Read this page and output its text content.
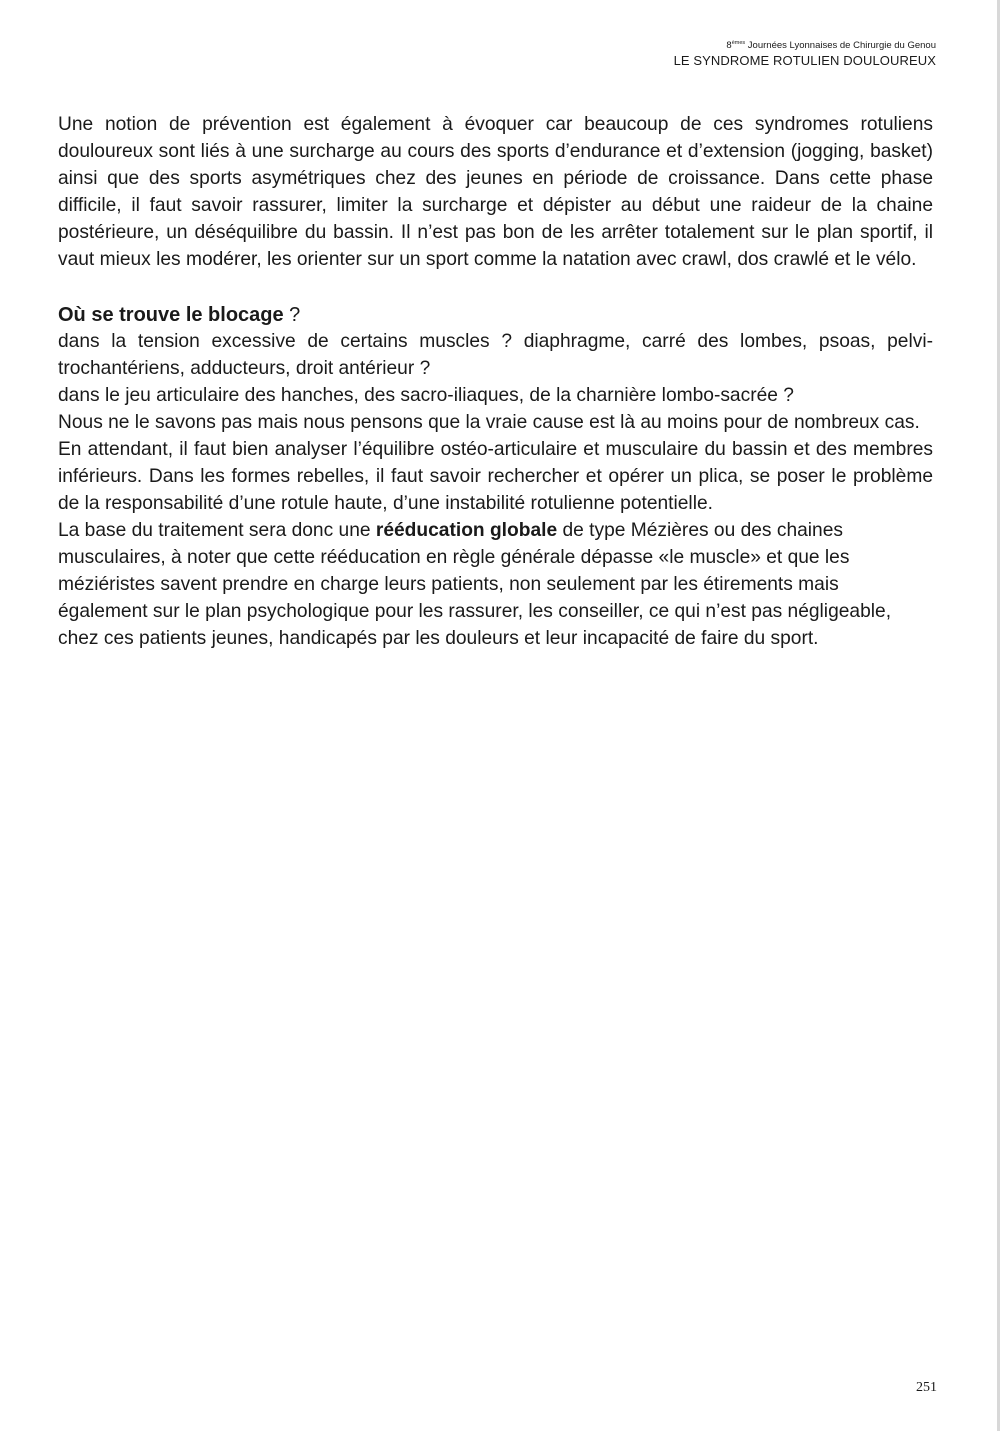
8èmes Journées Lyonnaises de Chirurgie du Genou
LE SYNDROME ROTULIEN DOULOUREUX

Une notion de prévention est également à évoquer car beaucoup de ces syndromes rotuliens douloureux sont liés à une surcharge au cours des sports d’endurance et d’extension (jogging, basket) ainsi que des sports asymétriques chez des jeunes en période de croissance. Dans cette phase difficile, il faut savoir rassurer, limiter la surcharge et dépister au début une raideur de la chaine postérieure, un déséquilibre du bassin. Il n’est pas bon de les arrêter totalement sur le plan sportif, il vaut mieux les modérer, les orienter sur un sport comme la natation avec crawl, dos crawlé et le vélo.

Où se trouve le blocage ?

dans la tension excessive de certains muscles ? diaphragme, carré des lombes, psoas, pelvi-trochantériens, adducteurs, droit antérieur ?

dans le jeu articulaire des hanches, des sacro-iliaques, de la charnière lombo-sacrée ?

Nous ne le savons pas mais nous pensons que la vraie cause est là au moins pour de nombreux cas.

En attendant, il faut bien analyser l’équilibre ostéo-articulaire et musculaire du bassin et des membres inférieurs. Dans les formes rebelles, il faut savoir rechercher et opérer un plica, se poser le problème de la responsabilité d’une rotule haute, d’une instabilité rotulienne potentielle.

La base du traitement sera donc une rééducation globale de type Mézières ou des chaines musculaires, à noter que cette rééducation en règle générale dépasse «le muscle» et que les méziéristes savent prendre en charge leurs patients, non seulement par les étirements mais également sur le plan psychologique pour les rassurer, les conseiller, ce qui n’est pas négligeable, chez ces patients jeunes, handicapés par les douleurs et leur incapacité de faire du sport.

251
